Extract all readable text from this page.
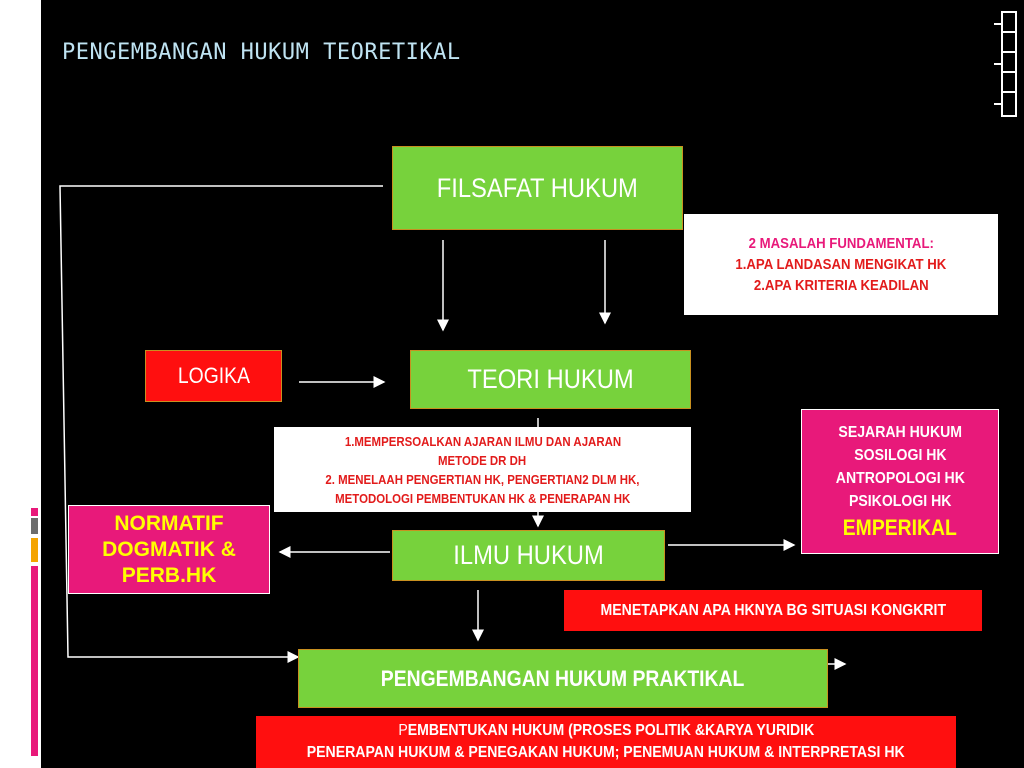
PENGEMBANGAN HUKUM TEORETIKAL
FILSAFAT HUKUM
2 MASALAH FUNDAMENTAL:
1.APA LANDASAN MENGIKAT HK
2.APA KRITERIA KEADILAN
LOGIKA	TEORI HUKUM
1.MEMPERSOALKAN AJARAN ILMU DAN AJARAN
METODE DR DH
2. MENELAAH PENGERTIAN HK, PENGERTIAN2 DLM HK,
METODOLOGI PEMBENTUKAN HK & PENERAPAN HK
SEJARAH HUKUM
SOSILOGI HK
ANTROPOLOGI HK
PSIKOLOGI HK
EMPERIKAL
NORMATIF
DOGMATIK &
PERB.HK
ILMU HUKUM
MENETAPKAN APA HKNYA BG SITUASI KONGKRIT
PENGEMBANGAN HUKUM PRAKTIKAL
PEMBENTUKAN HUKUM (PROSES POLITIK &KARYA YURIDIK
PENERAPAN HUKUM & PENEGAKAN HUKUM; PENEMUAN HUKUM & INTERPRETASI HK
